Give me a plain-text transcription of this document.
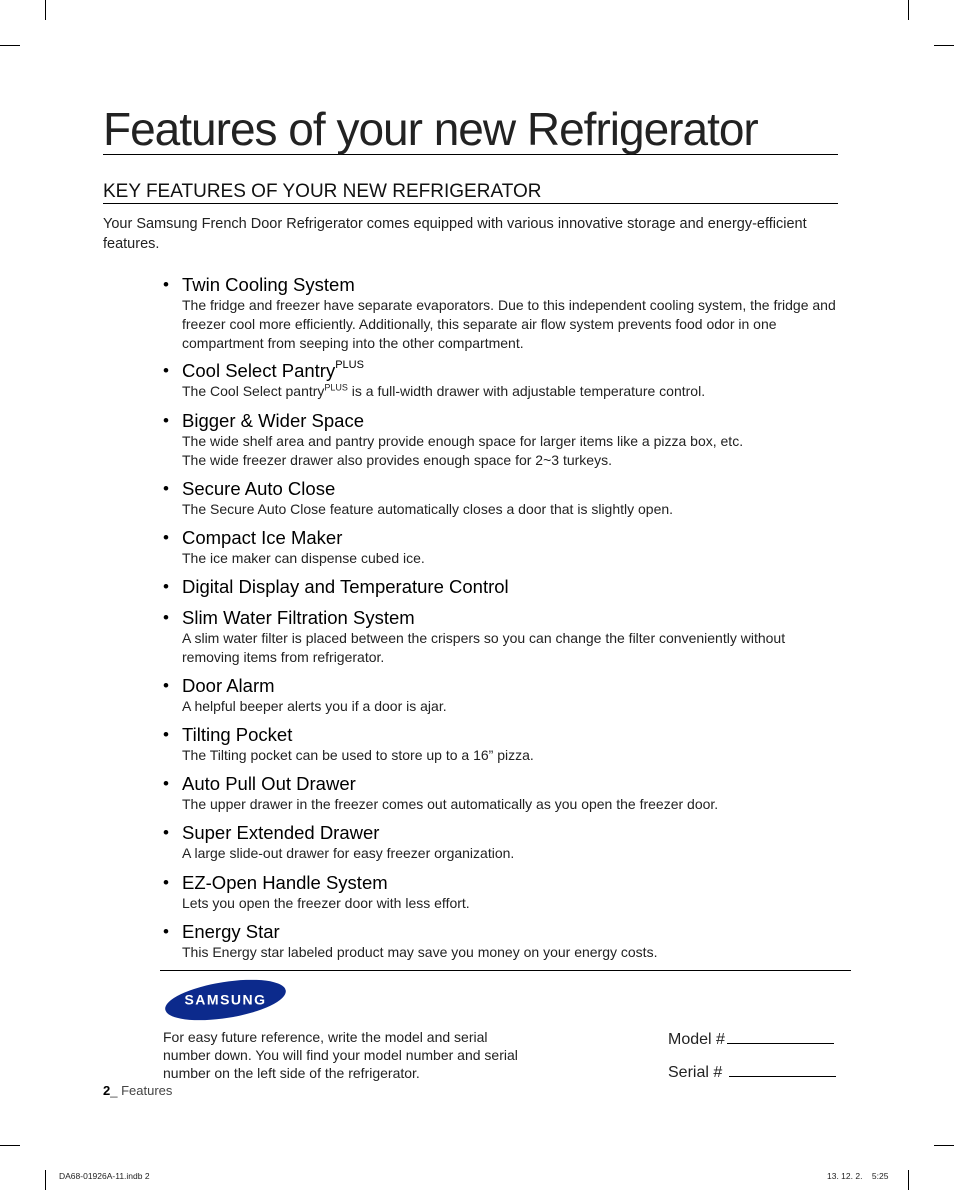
Features of your new Refrigerator
KEY FEATURES OF YOUR NEW REFRIGERATOR
Your Samsung French Door Refrigerator comes equipped with various innovative storage and energy-efficient features.
• Twin Cooling System
The fridge and freezer have separate evaporators. Due to this independent cooling system, the fridge and freezer cool more efficiently. Additionally, this separate air flow system prevents food odor in one compartment from seeping into the other compartment.
• Cool Select Pantry$^{PLUS}$
The Cool Select pantry$^{PLUS}$ is a full-width drawer with adjustable temperature control.
• Bigger & Wider Space
The wide shelf area and pantry provide enough space for larger items like a pizza box, etc.
The wide freezer drawer also provides enough space for 2~3 turkeys.
• Secure Auto Close
The Secure Auto Close feature automatically closes a door that is slightly open.
• Compact Ice Maker
The ice maker can dispense cubed ice.
• Digital Display and Temperature Control
• Slim Water Filtration System
A slim water filter is placed between the crispers so you can change the filter conveniently without removing items from refrigerator.
• Door Alarm
A helpful beeper alerts you if a door is ajar.
• Tilting Pocket
The Tilting pocket can be used to store up to a 16” pizza.
• Auto Pull Out Drawer
The upper drawer in the freezer comes out automatically as you open the freezer door.
• Super Extended Drawer
A large slide-out drawer for easy freezer organization.
• EZ-Open Handle System
Lets you open the freezer door with less effort.
• Energy Star
This Energy star labeled product may save you money on your energy costs.
SAMSUNG
For easy future reference, write the model and serial number down. You will find your model number and serial number on the left side of the refrigerator.
Model #
Serial #
2_ Features
DA68-01926A-11.indb 2	13. 12. 2.    5:25
